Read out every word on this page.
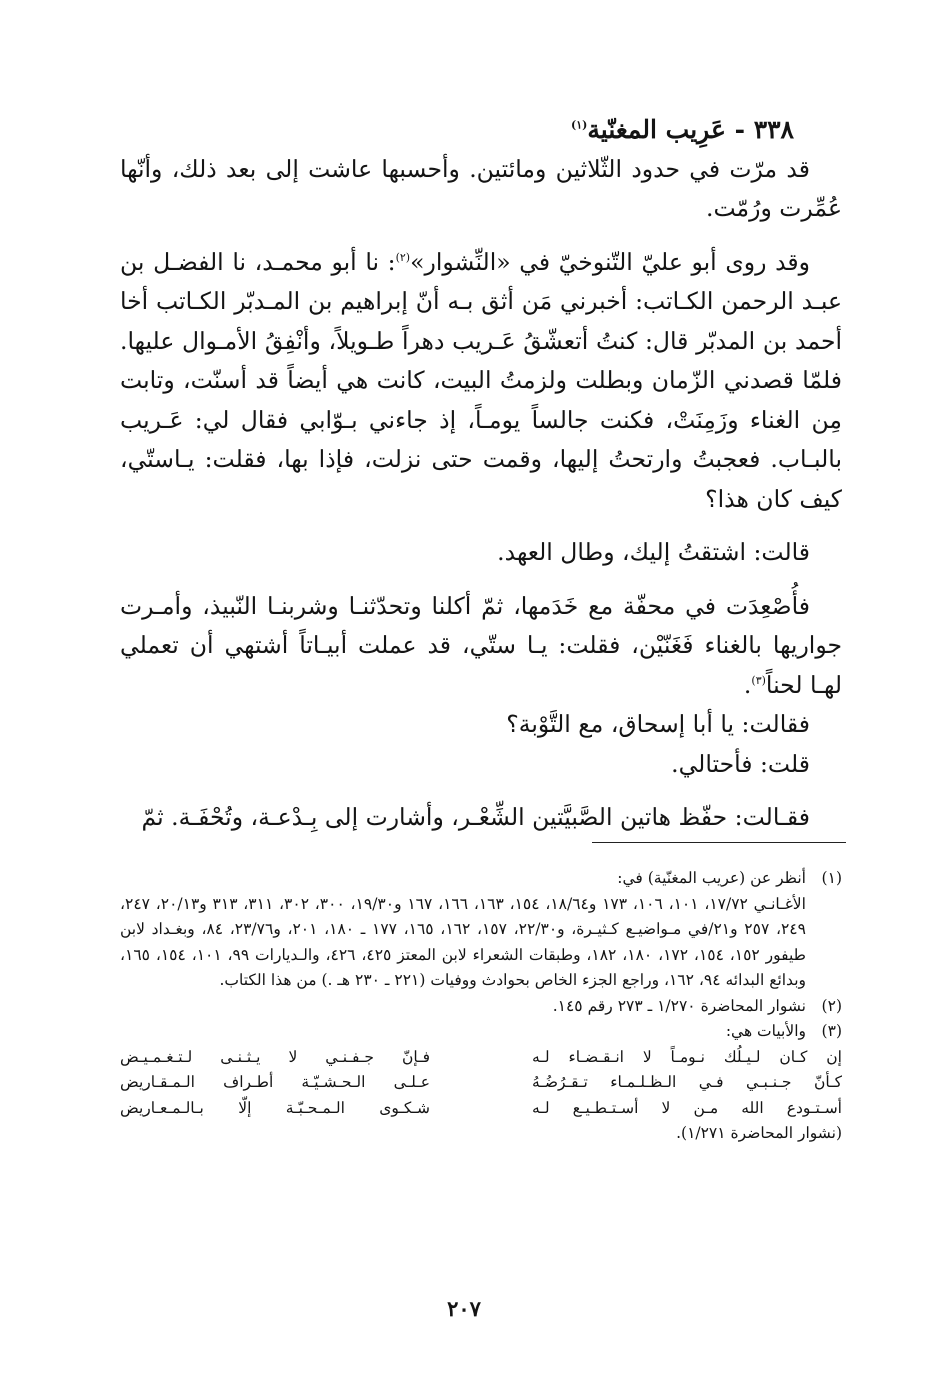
٣٣٨ - عَرِيب المغنّية$^{(١)}$

قد مرّت في حدود الثّلاثين ومائتين. وأحسبها عاشت إلى بعد ذلك، وأنّها عُمِّرت ورُمّت.

وقد روى أبو عليّ التّنوخيّ في «النِّشوار»$^{(٢)}$: نا أبو محمـد، نا الفضـل بن عبـد الرحمن الكـاتب: أخبرني مَن أثق بـه أنّ إبراهيم بن المـدبّر الكـاتب أخا أحمد بن المدبّر قال: كنتُ أتعشّقُ عَـريب دهراً طـويلاً، وأنْفِقُ الأمـوال عليها. فلمّا قصدني الزّمان وبطلت ولزمتُ البيت، كانت هي أيضاً قد أسنّت، وتابت مِن الغناء وزَمِنَتْ، فكنت جالساً يومـاً، إذ جاءني بـوّابي فقال لي: عَـريب بالبـاب. فعجبتُ وارتحتُ إليها، وقمت حتى نزلت، فإذا بها، فقلت: يـاستّي، كيف كان هذا؟

قالت: اشتقتُ إليك، وطال العهد.

فأُصْعِدَت في محفّة مع خَدَمها، ثمّ أكلنا وتحدّثنـا وشربنـا النّبيذ، وأمـرت جواريها بالغناء فَغَنّيْن، فقلت: يـا ستّي، قد عملت أبيـاتاً أشتهي أن تعملي لهـا لحناً$^{(٣)}$.

فقالت: يا أبا إسحاق، مع التَّوْبة؟

قلت: فأحتالي.

فقـالت: حفّظ هاتين الصَّبيَّتين الشِّعْـر، وأشارت إلى بِـدْعـة، وتُحْفَـة. ثمّ

(١)

أنظر عن (عريب المغنّية) في:

الأغـانـي ١٧/٧٢، ١٠١، ١٠٦، ١٧٣ و١٨/٦٤، ١٥٤، ١٦٣، ١٦٦، ١٦٧ و١٩/٣٠، ٣٠٠، ٣٠٢، ٣١١، ٣١٣ و٢٠/١٣، ٢٤٧، ٢٤٩، ٢٥٧ و٢١/في مـواضيـع كـثيـرة، و٢٢/٣٠، ١٥٧، ١٦٢، ١٦٥، ١٧٧ ـ ١٨٠، ٢٠١، و٢٣/٧٦، ٨٤، وبغـداد لابن طيفور ١٥٢، ١٥٤، ١٧٢، ١٨٠، ١٨٢، وطبقات الشعراء لابن المعتز ٤٢٥، ٤٢٦، والـديارات ٩٩، ١٠١، ١٥٤، ١٦٥، وبدائع البدائه ٩٤، ١٦٢، وراجع الجزء الخاص بحوادث ووفيات (٢٢١ ـ ٢٣٠ هـ .) من هذا الكتاب.

(٢)

نشوار المحاضرة ١/٢٧٠ ـ ٢٧٣ رقم ١٤٥.

(٣)

والأبيات هي:

إن كـان لـيـلُك نـومـاً لا انـقـضـاء لـه
فـإنّ جـفـنـي لا يـثـنـى لـتـغـمـيـض
كـأنّ جـنـبـي فـي الـظـلـمـاء تـقـرُضُـهُ
عـلـى الـحـشـيّـة أطـراف الـمـقـاريض
أسـتـودع الله مـن لا أسـتـطـيـع لـه
شـكـوى الـمـحـبّـة إلّا بـالـمـعـاريض
(نشوار المحاضرة ١/٢٧١).
٢٠٧
